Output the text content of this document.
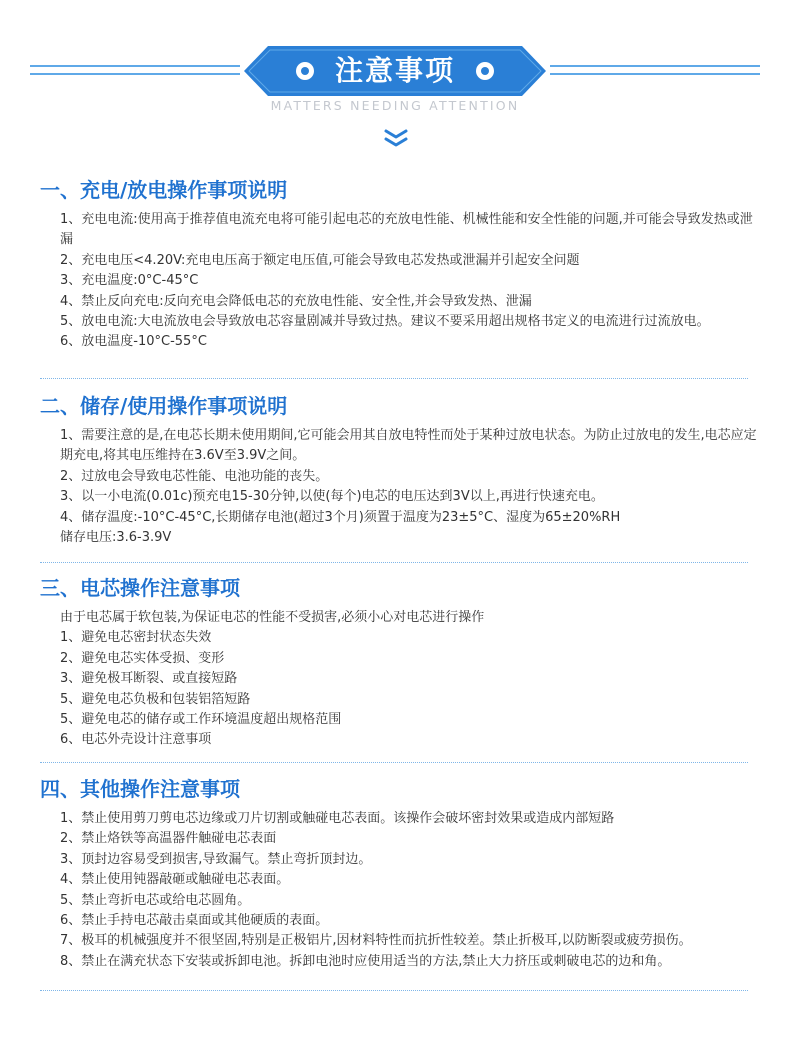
注意事项
MATTERS NEEDING ATTENTION
一、充电/放电操作事项说明
1、充电电流:使用高于推荐值电流充电将可能引起电芯的充放电性能、机械性能和安全性能的问题,并可能会导致发热或泄漏
2、充电电压<4.20V:充电电压高于额定电压值,可能会导致电芯发热或泄漏并引起安全问题
3、充电温度:0°C-45°C
4、禁止反向充电:反向充电会降低电芯的充放电性能、安全性,并会导致发热、泄漏
5、放电电流:大电流放电会导致放电芯容量剧减并导致过热。建议不要采用超出规格书定义的电流进行过流放电。
6、放电温度-10°C-55°C
二、储存/使用操作事项说明
1、需要注意的是,在电芯长期未使用期间,它可能会用其自放电特性而处于某种过放电状态。为防止过放电的发生,电芯应定期充电,将其电压维持在3.6V至3.9V之间。
2、过放电会导致电芯性能、电池功能的丧失。
3、以一小电流(0.01c)预充电15-30分钟,以使(每个)电芯的电压达到3V以上,再进行快速充电。
4、储存温度:-10°C-45°C,长期储存电池(超过3个月)须置于温度为23±5°C、湿度为65±20%RH
储存电压:3.6-3.9V
三、电芯操作注意事项
由于电芯属于软包装,为保证电芯的性能不受损害,必须小心对电芯进行操作
1、避免电芯密封状态失效
2、避免电芯实体受损、变形
3、避免极耳断裂、或直接短路
5、避免电芯负极和包装铝箔短路
5、避免电芯的储存或工作环境温度超出规格范围
6、电芯外壳设计注意事项
四、其他操作注意事项
1、禁止使用剪刀剪电芯边缘或刀片切割或触碰电芯表面。该操作会破坏密封效果或造成内部短路
2、禁止烙铁等高温器件触碰电芯表面
3、顶封边容易受到损害,导致漏气。禁止弯折顶封边。
4、禁止使用钝器敲砸或触碰电芯表面。
5、禁止弯折电芯或给电芯圆角。
6、禁止手持电芯敲击桌面或其他硬质的表面。
7、极耳的机械强度并不很坚固,特别是正极铝片,因材料特性而抗折性较差。禁止折极耳,以防断裂或疲劳损伤。
8、禁止在满充状态下安装或拆卸电池。拆卸电池时应使用适当的方法,禁止大力挤压或刺破电芯的边和角。
